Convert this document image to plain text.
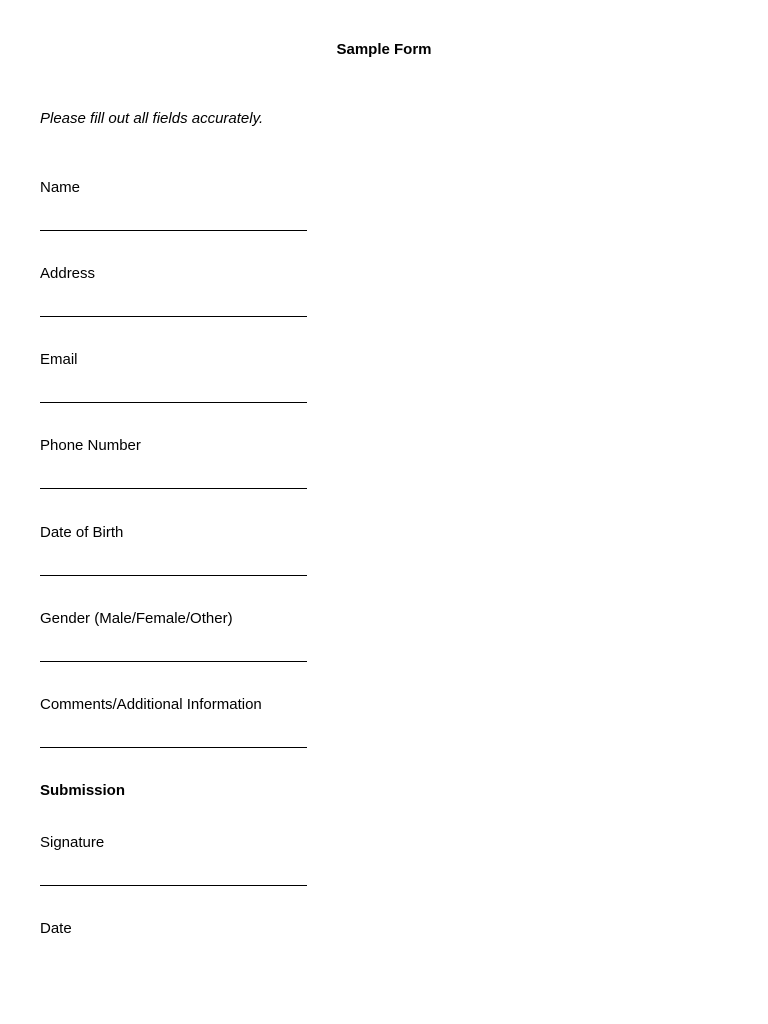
Sample Form
Please fill out all fields accurately.
Name
Address
Email
Phone Number
Date of Birth
Gender (Male/Female/Other)
Comments/Additional Information
Submission
Signature
Date
